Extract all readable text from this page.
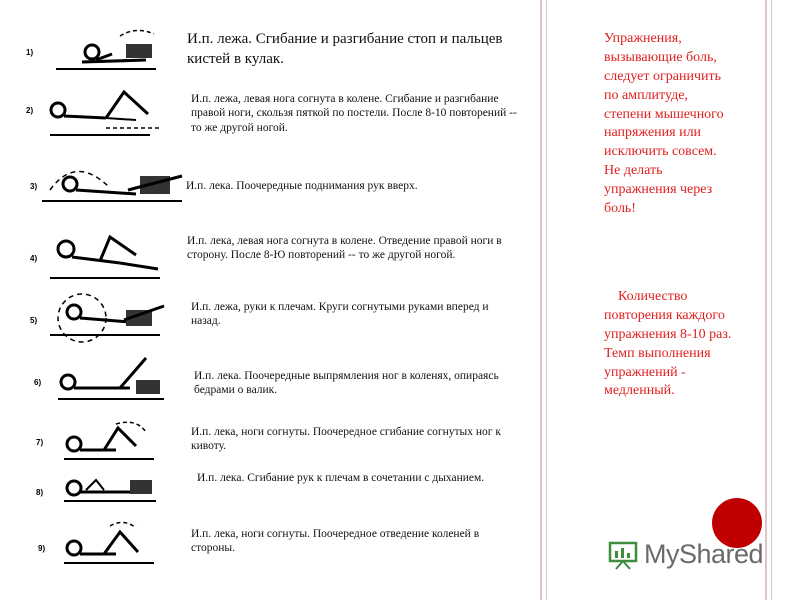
1)
И.п. лежа. Сгибание и разгибание стоп и пальцев кистей в кулак.
2)
И.п. лежа, левая нога согнута в колене. Сгибание и разгибание правой ноги, скользя пяткой по постели. После 8-10 повторений -- то же другой ногой.
3)	И.п. лека. Поочередные поднимания рук вверх.
4)
И.п. лека, левая нога согнута в колене. Отведение правой ноги в сторону. После 8-Ю повторений -- то же другой ногой.
5)
И.п. лежа, руки к плечам. Круги согнутыми руками вперед и назад.
6)
И.п. лека. Поочередные выпрямления ног в коленях, опираясь бедрами о валик.
7)
И.п. лека, ноги согнуты. Поочередное сгибание согнутых ног к кивоту.
8)
И.п. лека. Сгибание рук к плечам в сочетании с дыханием.
9)
И.п. лека, ноги согнуты. Поочередное отведение коленей в стороны.
Упражнения, вызывающие боль, следует ограничить по амплитуде, степени мышечного напряжения или исключить совсем. Не делать упражнения через боль!
Количество повторения каждого упражнения 8-10 раз. Темп выполнения упражнений - медленный.
MyShared
